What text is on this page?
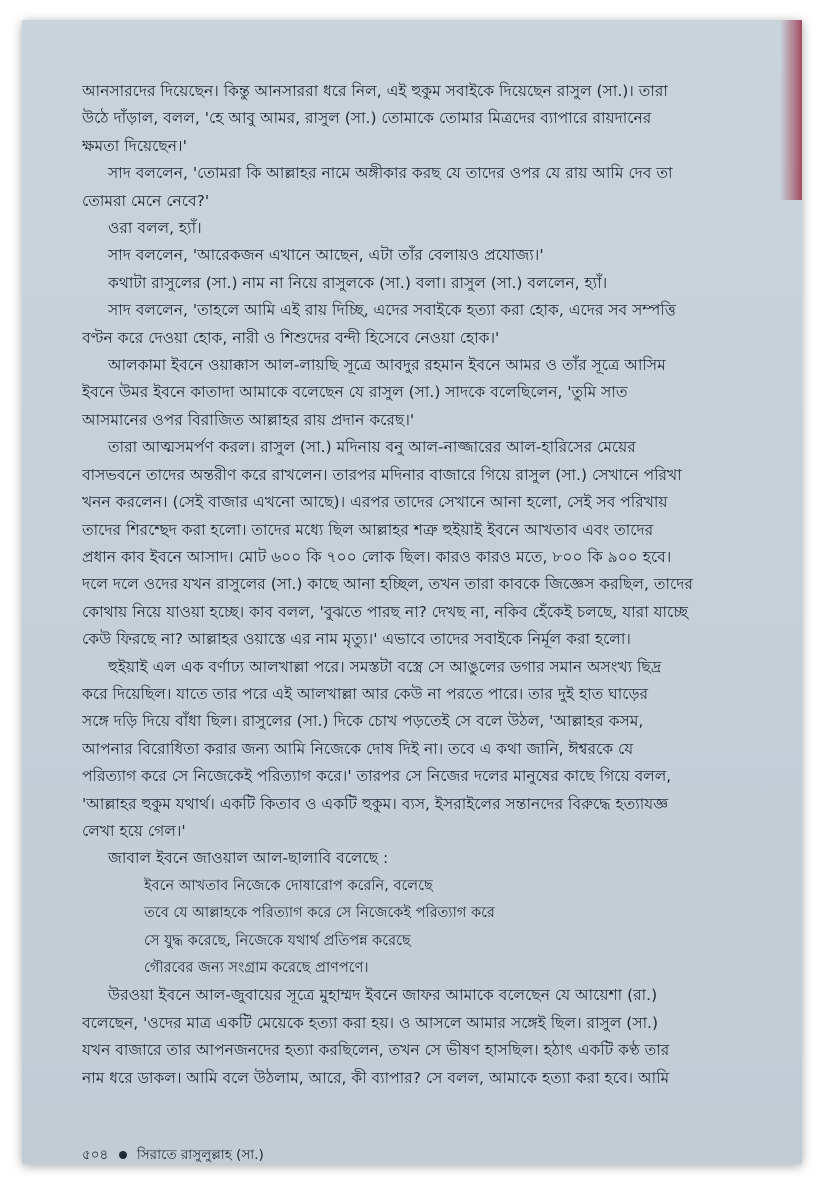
আনসারদের দিয়েছেন। কিন্তু আনসাররা ধরে নিল, এই হুকুম সবাইকে দিয়েছেন রাসুল (সা.)। তারা
উঠে দাঁড়াল, বলল, 'হে আবু আমর, রাসুল (সা.) তোমাকে তোমার মিত্রদের ব্যাপারে রায়দানের
ক্ষমতা দিয়েছেন।'
সাদ বললেন, 'তোমরা কি আল্লাহর নামে অঙ্গীকার করছ যে তাদের ওপর যে রায় আমি দেব তা
তোমরা মেনে নেবে?'
ওরা বলল, হ্যাঁ।
সাদ বললেন, 'আরেকজন এখানে আছেন, এটা তাঁর বেলায়ও প্রযোজ্য।'
কথাটা রাসুলের (সা.) নাম না নিয়ে রাসুলকে (সা.) বলা। রাসুল (সা.) বললেন, হ্যাঁ।
সাদ বললেন, 'তাহলে আমি এই রায় দিচ্ছি, এদের সবাইকে হত্যা করা হোক, এদের সব সম্পত্তি
বণ্টন করে দেওয়া হোক, নারী ও শিশুদের বন্দী হিসেবে নেওয়া হোক।'
আলকামা ইবনে ওয়াক্কাস আল-লায়ছি সূত্রে আবদুর রহমান ইবনে আমর ও তাঁর সূত্রে আসিম
ইবনে উমর ইবনে কাতাদা আমাকে বলেছেন যে রাসুল (সা.) সাদকে বলেছিলেন, 'তুমি সাত
আসমানের ওপর বিরাজিত আল্লাহর রায় প্রদান করেছ।'
তারা আত্মসমর্পণ করল। রাসুল (সা.) মদিনায় বনু আল-নাজ্জারের আল-হারিসের মেয়ের
বাসভবনে তাদের অন্তরীণ করে রাখলেন। তারপর মদিনার বাজারে গিয়ে রাসুল (সা.) সেখানে পরিখা
খনন করলেন। (সেই বাজার এখনো আছে)। এরপর তাদের সেখানে আনা হলো, সেই সব পরিখায়
তাদের শিরশ্ছেদ করা হলো। তাদের মধ্যে ছিল আল্লাহর শত্রু হুইয়াই ইবনে আখতাব এবং তাদের
প্রধান কাব ইবনে আসাদ। মোট ৬০০ কি ৭০০ লোক ছিল। কারও কারও মতে, ৮০০ কি ৯০০ হবে।
দলে দলে ওদের যখন রাসুলের (সা.) কাছে আনা হচ্ছিল, তখন তারা কাবকে জিজ্ঞেস করছিল, তাদের
কোথায় নিয়ে যাওয়া হচ্ছে। কাব বলল, 'বুঝতে পারছ না? দেখছ না, নকিব হেঁকেই চলছে, যারা যাচ্ছে
কেউ ফিরছে না? আল্লাহর ওয়াস্তে এর নাম মৃত্যু।' এভাবে তাদের সবাইকে নির্মূল করা হলো।
হুইয়াই এল এক বর্ণাঢ্য আলখাল্লা পরে। সমস্তটা বস্ত্রে সে আঙুলের ডগার সমান অসংখ্য ছিদ্র
করে দিয়েছিল। যাতে তার পরে এই আলখাল্লা আর কেউ না পরতে পারে। তার দুই হাত ঘাড়ের
সঙ্গে দড়ি দিয়ে বাঁধা ছিল। রাসুলের (সা.) দিকে চোখ পড়তেই সে বলে উঠল, 'আল্লাহর কসম,
আপনার বিরোধিতা করার জন্য আমি নিজেকে দোষ দিই না। তবে এ কথা জানি, ঈশ্বরকে যে
পরিত্যাগ করে সে নিজেকেই পরিত্যাগ করে।' তারপর সে নিজের দলের মানুষের কাছে গিয়ে বলল,
'আল্লাহর হুকুম যথার্থ। একটি কিতাব ও একটি হুকুম। ব্যস, ইসরাইলের সন্তানদের বিরুদ্ধে হত্যাযজ্ঞ
লেখা হয়ে গেল।'
জাবাল ইবনে জাওয়াল আল-ছালাবি বলেছে :
ইবনে আখতাব নিজেকে দোষারোপ করেনি, বলেছে
তবে যে আল্লাহকে পরিত্যাগ করে সে নিজেকেই পরিত্যাগ করে
সে যুদ্ধ করেছে, নিজেকে যথার্থ প্রতিপন্ন করেছে
গৌরবের জন্য সংগ্রাম করেছে প্রাণপণে।
উরওয়া ইবনে আল-জুবায়ের সূত্রে মুহাম্মদ ইবনে জাফর আমাকে বলেছেন যে আয়েশা (রা.)
বলেছেন, 'ওদের মাত্র একটি মেয়েকে হত্যা করা হয়। ও আসলে আমার সঙ্গেই ছিল। রাসুল (সা.)
যখন বাজারে তার আপনজনদের হত্যা করছিলেন, তখন সে ভীষণ হাসছিল। হঠাৎ একটি কণ্ঠ তার
নাম ধরে ডাকল। আমি বলে উঠলাম, আরে, কী ব্যাপার? সে বলল, আমাকে হত্যা করা হবে। আমি
৫০৪ সিরাতে রাসুলুল্লাহ (সা.)
